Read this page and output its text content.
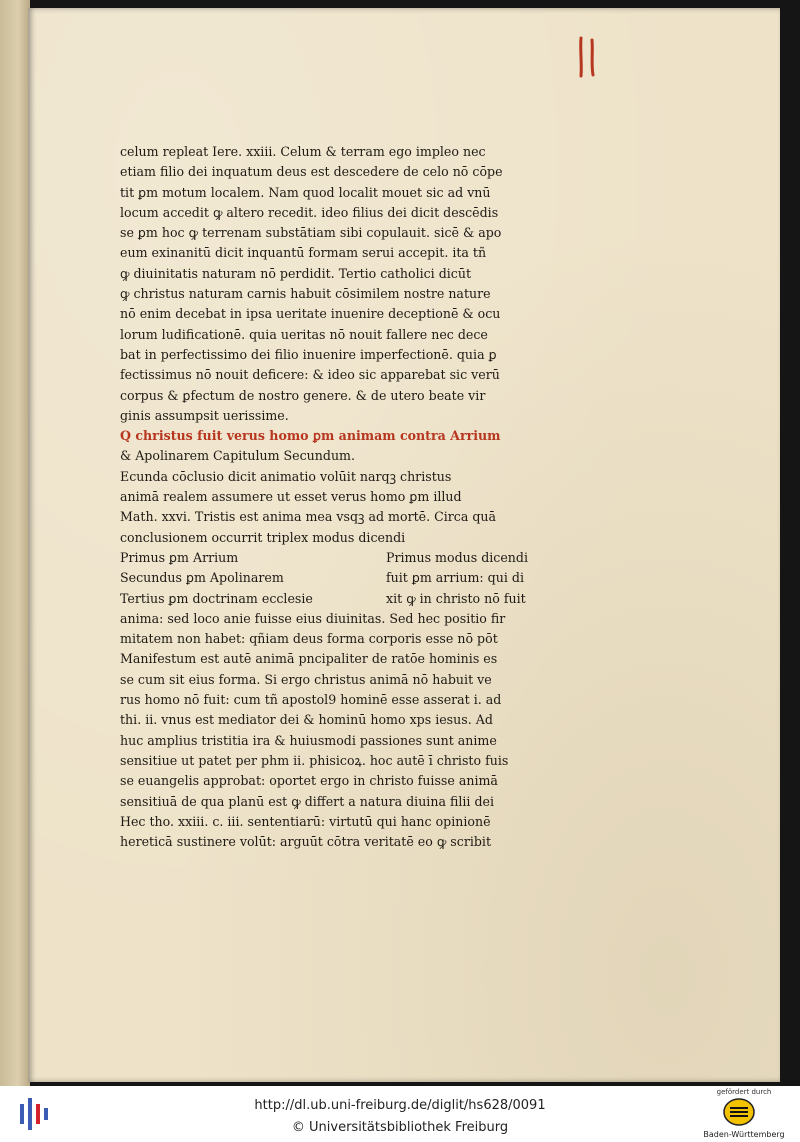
celum repleat Iere. xxiii. Celum & terram ego impleo nec
etiam filio dei inquatum deus est descedere de celo nō cōpe
tit ꝑm motum localem. Nam quod localit mouet sic ad vnū
locum accedit ꝙ altero recedit. ideo filius dei dicit descēdis
se ꝑm hoc ꝙ terrenam substātiam sibi copulauit. sicē & apo
eum exinanitū dicit inquantū formam serui accepit. ita tñ
ꝙ diuinitatis naturam nō perdidit. Tertio catholici dicūt
ꝙ christus naturam carnis habuit cōsimilem nostre nature
nō enim decebat in ipsa ueritate inuenire deceptionē & ocu
lorum ludificationē. quia ueritas nō nouit fallere nec dece
bat in perfectissimo dei filio inuenire imperfectionē. quia ꝑ
fectissimus nō nouit deficere: & ideo sic apparebat sic verū
corpus & ꝑfectum de nostro genere. & de utero beate vir
ginis assumpsit uerissime.
Q christus fuit verus homo ꝑm animam contra Arrium
& Apolinarem Capitulum Secundum.
Ecunda cōclusio dicit animatio volūit narqꝫ christus
animā realem assumere ut esset verus homo ꝑm illud
Math. xxvi. Tristis est anima mea vsqꝫ ad mortē. Circa quā
conclusionem occurrit triplex modus dicendi
Primus ꝑm Arrium	Primus modus dicendi
Secundus ꝑm Apolinarem	fuit ꝑm arrium: qui di
Tertius ꝑm doctrinam ecclesie	xit ꝙ in christo nō fuit
anima: sed loco anie fuisse eius diuinitas. Sed hec positio fir
mitatem non habet: qñiam deus forma corporis esse nō pōt
Manifestum est autē animā pncipaliter de ratōe hominis es
se cum sit eius forma. Si ergo christus animā nō habuit ve
rus homo nō fuit: cum tñ apostol9 hominē esse asserat i. ad
thi. ii. vnus est mediator dei & hominū homo xps iesus. Ad
huc amplius tristitia ira & huiusmodi passiones sunt anime
sensitiue ut patet per phm ii. phisicoꝝ. hoc autē ī christo fuis
se euangelis approbat: oportet ergo in christo fuisse animā
sensitiuā de qua planū est ꝙ differt a natura diuina filii dei
Hec tho. xxiii. c. iii. sententiarū: virtutū qui hanc opinionē
hereticā sustinere volūt: arguūt cōtra veritatē eo ꝙ scribit
http://dl.ub.uni-freiburg.de/diglit/hs628/0091
© Universitätsbibliothek Freiburg
gefördert durch
Baden-Württemberg
